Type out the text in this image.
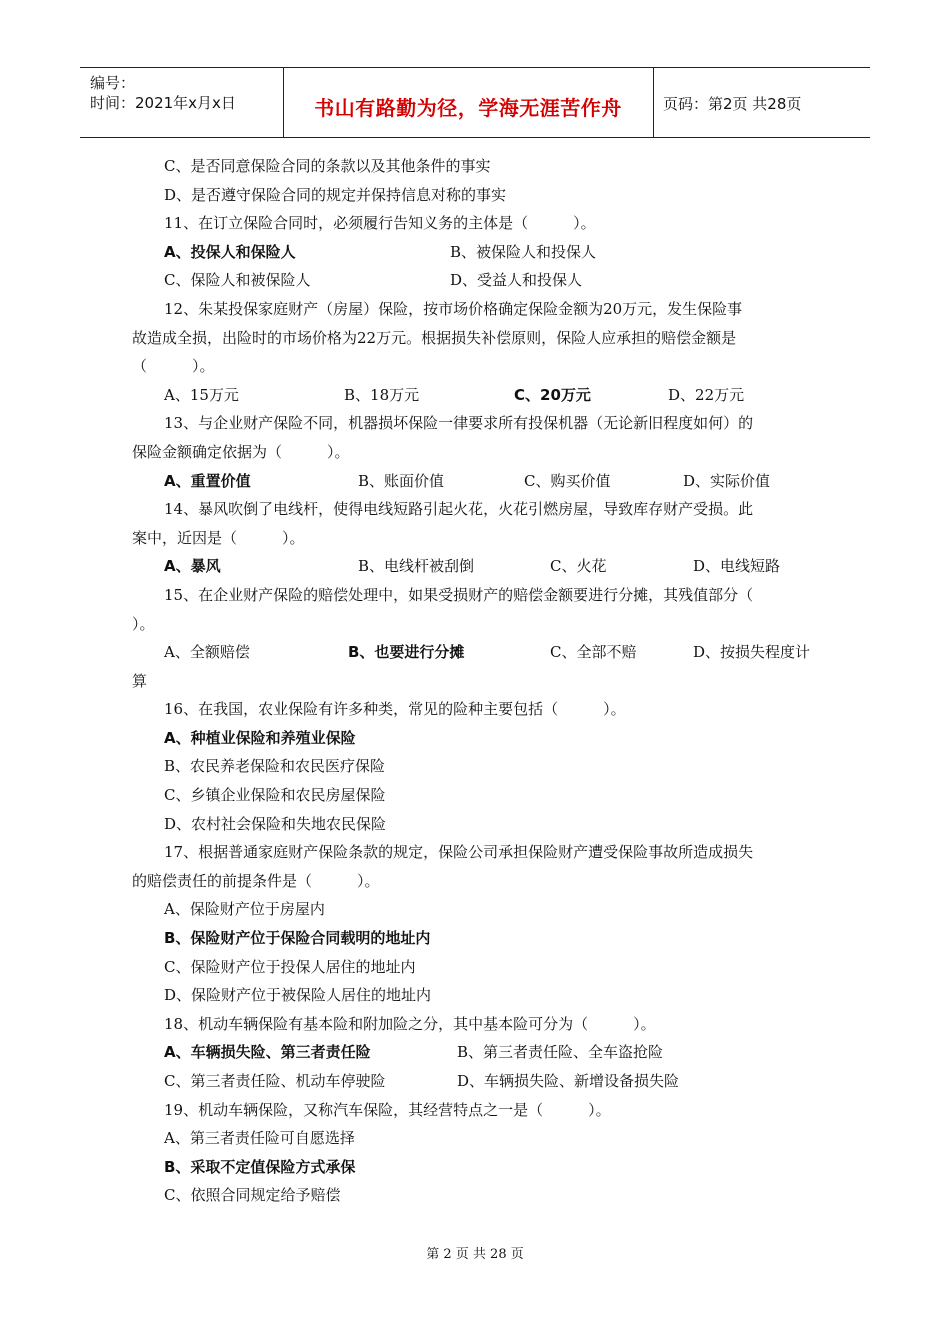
编号：
时间：2021年x月x日	书山有路勤为径，学海无涯苦作舟	页码：第2页 共28页
C、是否同意保险合同的条款以及其他条件的事实
D、是否遵守保险合同的规定并保持信息对称的事实
11、在订立保险合同时，必须履行告知义务的主体是（　　　）。
A、投保人和保险人	B、被保险人和投保人
C、保险人和被保险人	D、受益人和投保人
12、朱某投保家庭财产（房屋）保险，按市场价格确定保险金额为20万元，发生保险事
故造成全损，出险时的市场价格为22万元。根据损失补偿原则，保险人应承担的赔偿金额是
（　　　）。
A、15万元	B、18万元	C、20万元	D、22万元
13、与企业财产保险不同，机器损坏保险一律要求所有投保机器（无论新旧程度如何）的
保险金额确定依据为（　　　）。
A、重置价值	B、账面价值	C、购买价值	D、实际价值
14、暴风吹倒了电线杆，使得电线短路引起火花，火花引燃房屋，导致库存财产受损。此
案中，近因是（　　　）。
A、暴风	B、电线杆被刮倒	C、火花	D、电线短路
15、在企业财产保险的赔偿处理中，如果受损财产的赔偿金额要进行分摊，其残值部分（
）。
A、全额赔偿	B、也要进行分摊	C、全部不赔	D、按损失程度计
算
16、在我国，农业保险有许多种类，常见的险种主要包括（　　　）。
A、种植业保险和养殖业保险
B、农民养老保险和农民医疗保险
C、乡镇企业保险和农民房屋保险
D、农村社会保险和失地农民保险
17、根据普通家庭财产保险条款的规定，保险公司承担保险财产遭受保险事故所造成损失
的赔偿责任的前提条件是（　　　）。
A、保险财产位于房屋内
B、保险财产位于保险合同载明的地址内
C、保险财产位于投保人居住的地址内
D、保险财产位于被保险人居住的地址内
18、机动车辆保险有基本险和附加险之分，其中基本险可分为（　　　）。
A、车辆损失险、第三者责任险	B、第三者责任险、全车盗抢险
C、第三者责任险、机动车停驶险	D、车辆损失险、新增设备损失险
19、机动车辆保险，又称汽车保险，其经营特点之一是（　　　）。
A、第三者责任险可自愿选择
B、采取不定值保险方式承保
C、依照合同规定给予赔偿
第 2 页 共 28 页
